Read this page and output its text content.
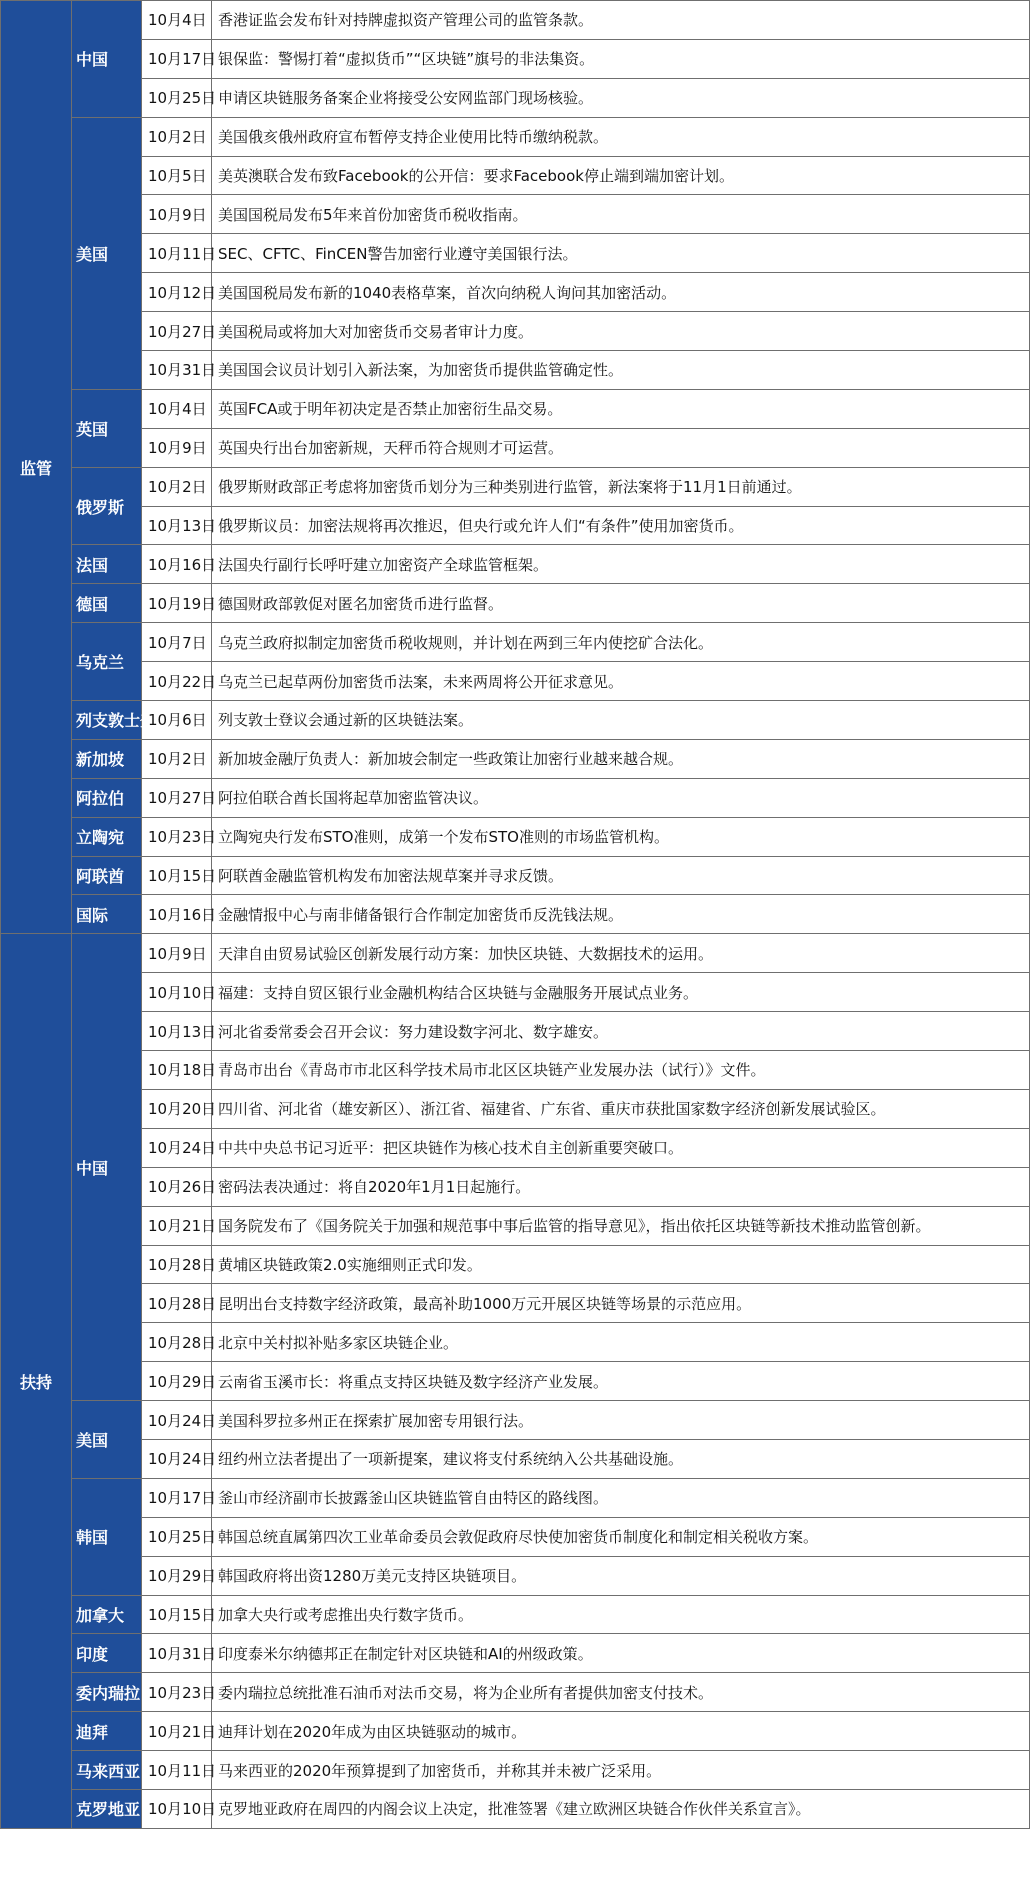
监管	中国	10月4日	香港证监会发布针对持牌虚拟资产管理公司的监管条款。
		10月17日	银保监：警惕打着“虚拟货币”“区块链”旗号的非法集资。
		10月25日	申请区块链服务备案企业将接受公安网监部门现场核验。
	美国	10月2日	美国俄亥俄州政府宣布暂停支持企业使用比特币缴纳税款。
		10月5日	美英澳联合发布致Facebook的公开信：要求Facebook停止端到端加密计划。
		10月9日	美国国税局发布5年来首份加密货币税收指南。
		10月11日	SEC、CFTC、FinCEN警告加密行业遵守美国银行法。
		10月12日	美国国税局发布新的1040表格草案，首次向纳税人询问其加密活动。
		10月27日	美国税局或将加大对加密货币交易者审计力度。
		10月31日	美国国会议员计划引入新法案，为加密货币提供监管确定性。
	英国	10月4日	英国FCA或于明年初决定是否禁止加密衍生品交易。
		10月9日	英国央行出台加密新规，天秤币符合规则才可运营。
	俄罗斯	10月2日	俄罗斯财政部正考虑将加密货币划分为三种类别进行监管，新法案将于11月1日前通过。
		10月13日	俄罗斯议员：加密法规将再次推迟，但央行或允许人们“有条件”使用加密货币。
	法国	10月16日	法国央行副行长呼吁建立加密资产全球监管框架。
	德国	10月19日	德国财政部敦促对匿名加密货币进行监督。
	乌克兰	10月7日	乌克兰政府拟制定加密货币税收规则，并计划在两到三年内使挖矿合法化。
		10月22日	乌克兰已起草两份加密货币法案，未来两周将公开征求意见。
	列支敦士登	10月6日	列支敦士登议会通过新的区块链法案。
	新加坡	10月2日	新加坡金融厅负责人：新加坡会制定一些政策让加密行业越来越合规。
	阿拉伯	10月27日	阿拉伯联合酋长国将起草加密监管决议。
	立陶宛	10月23日	立陶宛央行发布STO准则，成第一个发布STO准则的市场监管机构。
	阿联酋	10月15日	阿联酋金融监管机构发布加密法规草案并寻求反馈。
	国际	10月16日	金融情报中心与南非储备银行合作制定加密货币反洗钱法规。
扶持	中国	10月9日	天津自由贸易试验区创新发展行动方案：加快区块链、大数据技术的运用。
		10月10日	福建：支持自贸区银行业金融机构结合区块链与金融服务开展试点业务。
		10月13日	河北省委常委会召开会议：努力建设数字河北、数字雄安。
		10月18日	青岛市出台《青岛市市北区科学技术局市北区区块链产业发展办法（试行）》文件。
		10月20日	四川省、河北省（雄安新区）、浙江省、福建省、广东省、重庆市获批国家数字经济创新发展试验区。
		10月24日	中共中央总书记习近平：把区块链作为核心技术自主创新重要突破口。
		10月26日	密码法表决通过：将自2020年1月1日起施行。
		10月21日	国务院发布了《国务院关于加强和规范事中事后监管的指导意见》，指出依托区块链等新技术推动监管创新。
		10月28日	黄埔区块链政策2.0实施细则正式印发。
		10月28日	昆明出台支持数字经济政策，最高补助1000万元开展区块链等场景的示范应用。
		10月28日	北京中关村拟补贴多家区块链企业。
		10月29日	云南省玉溪市长：将重点支持区块链及数字经济产业发展。
	美国	10月24日	美国科罗拉多州正在探索扩展加密专用银行法。
		10月24日	纽约州立法者提出了一项新提案，建议将支付系统纳入公共基础设施。
	韩国	10月17日	釜山市经济副市长披露釜山区块链监管自由特区的路线图。
		10月25日	韩国总统直属第四次工业革命委员会敦促政府尽快使加密货币制度化和制定相关税收方案。
		10月29日	韩国政府将出资1280万美元支持区块链项目。
	加拿大	10月15日	加拿大央行或考虑推出央行数字货币。
	印度	10月31日	印度泰米尔纳德邦正在制定针对区块链和AI的州级政策。
	委内瑞拉	10月23日	委内瑞拉总统批准石油币对法币交易，将为企业所有者提供加密支付技术。
	迪拜	10月21日	迪拜计划在2020年成为由区块链驱动的城市。
	马来西亚	10月11日	马来西亚的2020年预算提到了加密货币，并称其并未被广泛采用。
	克罗地亚	10月10日	克罗地亚政府在周四的内阁会议上决定，批准签署《建立欧洲区块链合作伙伴关系宣言》。
